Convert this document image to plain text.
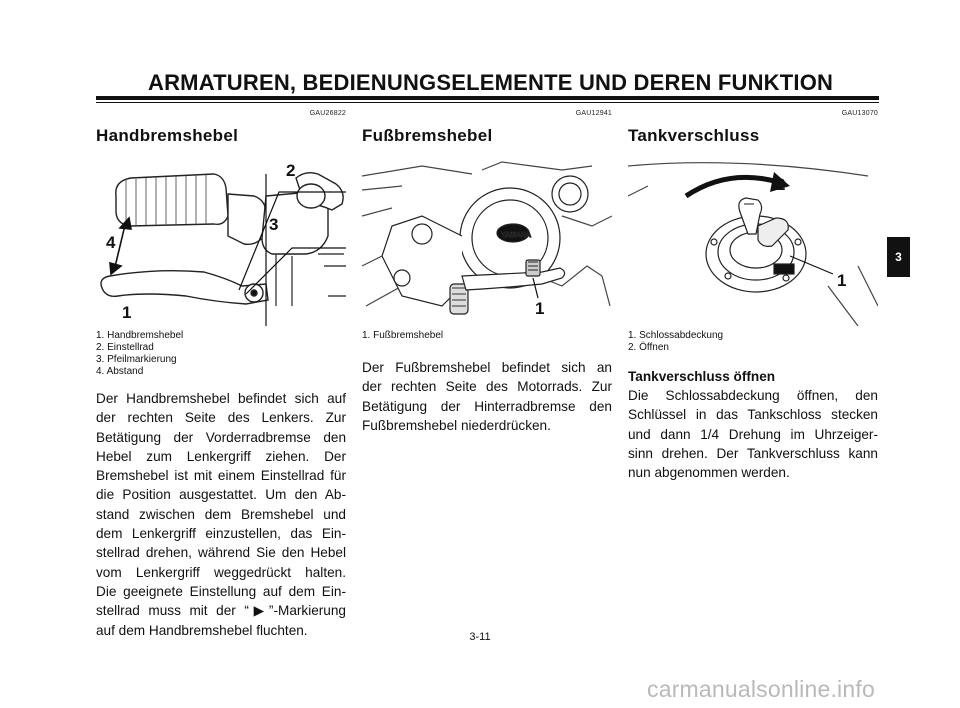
ARMATUREN, BEDIENUNGSELEMENTE UND DEREN FUNKTION
GAU26822
Handbremshebel
2
3
4
1
1. Handbremshebel
2. Einstellrad
3. Pfeilmarkierung
4. Abstand
Der Handbremshebel befindet sich auf
der rechten Seite des Lenkers. Zur
Betätigung der Vorderradbremse den
Hebel zum Lenkergriff ziehen. Der
Bremshebel ist mit einem Einstellrad für
die Position ausgestattet. Um den Ab-
stand zwischen dem Bremshebel und
dem Lenkergriff einzustellen, das Ein-
stellrad drehen, während Sie den Hebel
vom Lenkergriff weggedrückt halten.
Die geeignete Einstellung auf dem Ein-
stellrad muss mit der “▶”-Markierung
auf dem Handbremshebel fluchten.
GAU12941
Fußbremshebel
YAMAHA
1
1. Fußbremshebel
Der Fußbremshebel befindet sich an
der rechten Seite des Motorrads. Zur
Betätigung der Hinterradbremse den
Fußbremshebel niederdrücken.
GAU13070
Tankverschluss
2
1
1. Schlossabdeckung
2. Öffnen
Tankverschluss öffnen
Die Schlossabdeckung öffnen, den
Schlüssel in das Tankschloss stecken
und dann 1/4 Drehung im Uhrzeiger-
sinn drehen. Der Tankverschluss kann
nun abgenommen werden.
3
3-11
carmanualsonline.info
